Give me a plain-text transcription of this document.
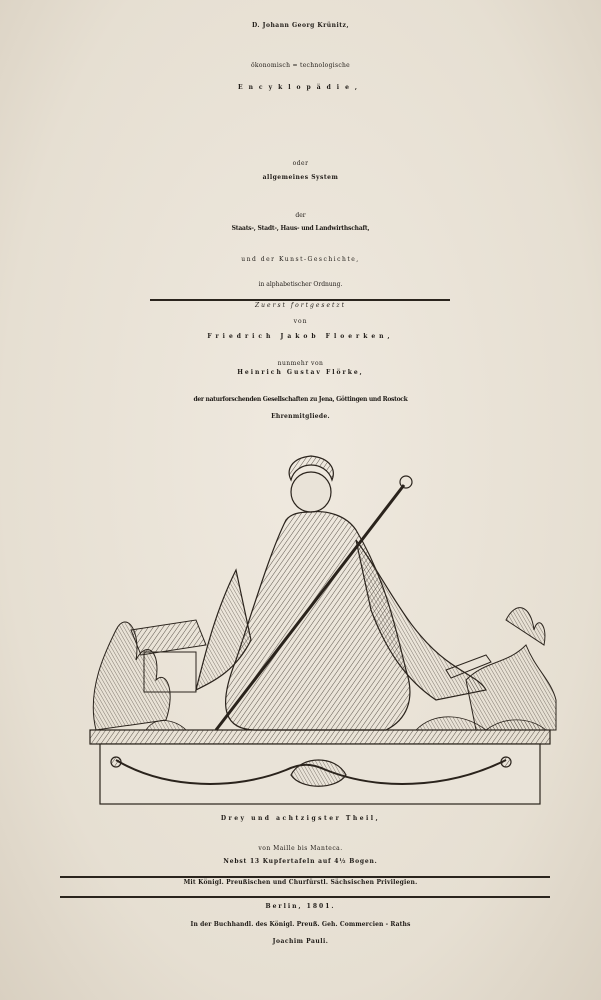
D. Johann Georg Krünitz,
ökonomisch = technologische
Encyklopädie,
oder
allgemeines System
der
Staats-, Stadt-, Haus- und Landwirthschaft,
und der Kunst-Geschichte,
in alphabetischer Ordnung.
Zuerst fortgesetzt
von
Friedrich Jakob Floerken,
nunmehr von
Heinrich Gustav Flörke,
der naturforschenden Gesellschaften zu Jena, Göttingen und Rostock
Ehrenmitgliede.
Drey und achtzigster Theil,
von Maille bis Manteca.
Nebst 13 Kupfertafeln auf 4½ Bogen.
Mit Königl. Preußischen und Churfürstl. Sächsischen Privilegien.
Berlin, 1801.
In der Buchhandl. des Königl. Preuß. Geh. Commercien - Raths
Joachim Pauli.
